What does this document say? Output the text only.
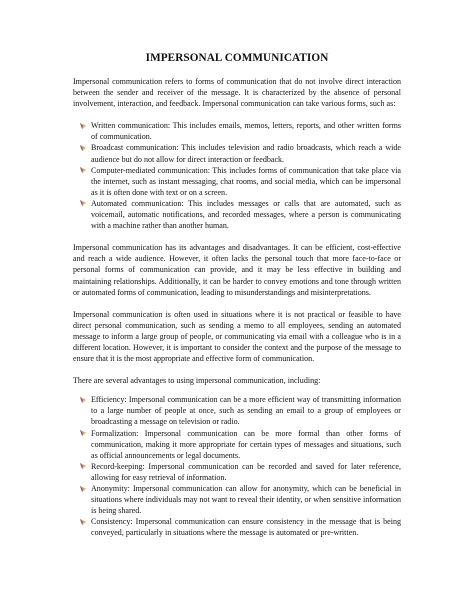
IMPERSONAL COMMUNICATION

Impersonal communication refers to forms of communication that do not involve direct interaction between the sender and receiver of the message. It is characterized by the absence of personal involvement, interaction, and feedback. Impersonal communication can take various forms, such as:

Written communication: This includes emails, memos, letters, reports, and other written forms of communication.
Broadcast communication: This includes television and radio broadcasts, which reach a wide audience but do not allow for direct interaction or feedback.
Computer-mediated communication: This includes forms of communication that take place via the internet, such as instant messaging, chat rooms, and social media, which can be impersonal as it is often done with text or on a screen.
Automated communication: This includes messages or calls that are automated, such as voicemail, automatic notifications, and recorded messages, where a person is communicating with a machine rather than another human.

Impersonal communication has its advantages and disadvantages. It can be efficient, cost-effective and reach a wide audience. However, it often lacks the personal touch that more face-to-face or personal forms of communication can provide, and it may be less effective in building and maintaining relationships. Additionally, it can be harder to convey emotions and tone through written or automated forms of communication, leading to misunderstandings and misinterpretations.

Impersonal communication is often used in situations where it is not practical or feasible to have direct personal communication, such as sending a memo to all employees, sending an automated message to inform a large group of people, or communicating via email with a colleague who is in a different location. However, it is important to consider the context and the purpose of the message to ensure that it is the most appropriate and effective form of communication.

There are several advantages to using impersonal communication, including:

Efficiency: Impersonal communication can be a more efficient way of transmitting information to a large number of people at once, such as sending an email to a group of employees or broadcasting a message on television or radio.
Formalization: Impersonal communication can be more formal than other forms of communication, making it more appropriate for certain types of messages and situations, such as official announcements or legal documents.
Record-keeping: Impersonal communication can be recorded and saved for later reference, allowing for easy retrieval of information.
Anonymity: Impersonal communication can allow for anonymity, which can be beneficial in situations where individuals may not want to reveal their identity, or when sensitive information is being shared.
Consistency: Impersonal communication can ensure consistency in the message that is being conveyed, particularly in situations where the message is automated or pre-written.
